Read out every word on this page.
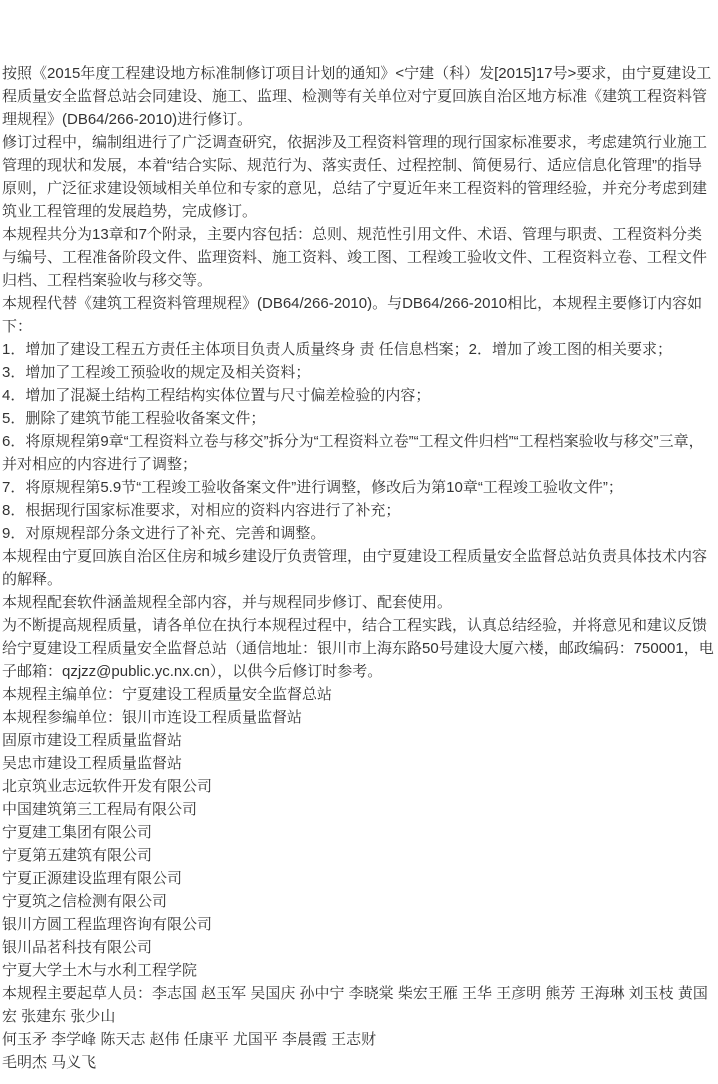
按照《2015年度工程建设地方标准制修订项目计划的通知》<宁建（科）发[2015]17号>要求，由宁夏建设工程质量安全监督总站会同建设、施工、监理、检测等有关单位对宁夏回族自治区地方标准《建筑工程资料管理规程》(DB64/266-2010)进行修订。

修订过程中，编制组进行了广泛调查研究，依据涉及工程资料管理的现行国家标准要求，考虑建筑行业施工管理的现状和发展，本着“结合实际、规范行为、落实责任、过程控制、简便易行、适应信息化管理”的指导原则，广泛征求建设领域相关单位和专家的意见，总结了宁夏近年来工程资料的管理经验，并充分考虑到建筑业工程管理的发展趋势，完成修订。

本规程共分为13章和7个附录，主要内容包括：总则、规范性引用文件、术语、管理与职责、工程资料分类与编号、工程准备阶段文件、监理资料、施工资料、竣工图、工程竣工验收文件、工程资料立卷、工程文件归档、工程档案验收与移交等。

本规程代替《建筑工程资料管理规程》(DB64/266-2010)。与DB64/266-2010相比，本规程主要修订内容如下：

1．增加了建设工程五方责任主体项目负责人质量终身 责 任信息档案；2．增加了竣工图的相关要求；

3．增加了工程竣工预验收的规定及相关资料；

4．增加了混凝土结构工程结构实体位置与尺寸偏差检验的内容；

5．删除了建筑节能工程验收备案文件；

6．将原规程第9章“工程资料立卷与移交”拆分为“工程资料立卷”“工程文件归档”“工程档案验收与移交”三章，并对相应的内容进行了调整；

7．将原规程第5.9节“工程竣工验收备案文件”进行调整，修改后为第10章“工程竣工验收文件”；

8．根据现行国家标准要求，对相应的资料内容进行了补充；

9．对原规程部分条文进行了补充、完善和调整。

本规程由宁夏回族自治区住房和城乡建设厅负责管理，由宁夏建设工程质量安全监督总站负责具体技术内容的解释。

本规程配套软件涵盖规程全部内容，并与规程同步修订、配套使用。

为不断提高规程质量，请各单位在执行本规程过程中，结合工程实践，认真总结经验，并将意见和建议反馈给宁夏建设工程质量安全监督总站（通信地址：银川市上海东路50号建设大厦六楼，邮政编码：750001，电子邮箱：qzjzz@public.yc.nx.cn），以供今后修订时参考。

本规程主编单位：宁夏建设工程质量安全监督总站

本规程参编单位：银川市连设工程质量监督站

固原市建设工程质量监督站

吴忠市建设工程质量监督站

北京筑业志远软件开发有限公司

中国建筑第三工程局有限公司

宁夏建工集团有限公司

宁夏第五建筑有限公司

宁夏正源建设监理有限公司

宁夏筑之信检测有限公司

银川方圆工程监理咨询有限公司

银川品茗科技有限公司

宁夏大学土木与水利工程学院

本规程主要起草人员：李志国 赵玉军 吴国庆 孙中宁 李晓棠 柴宏王雁 王华 王彦明 熊芳 王海琳 刘玉枝 黄国宏 张建东 张少山

何玉矛 李学峰 陈天志 赵伟 任康平 尤国平 李晨霞 王志财

毛明杰 马义飞
